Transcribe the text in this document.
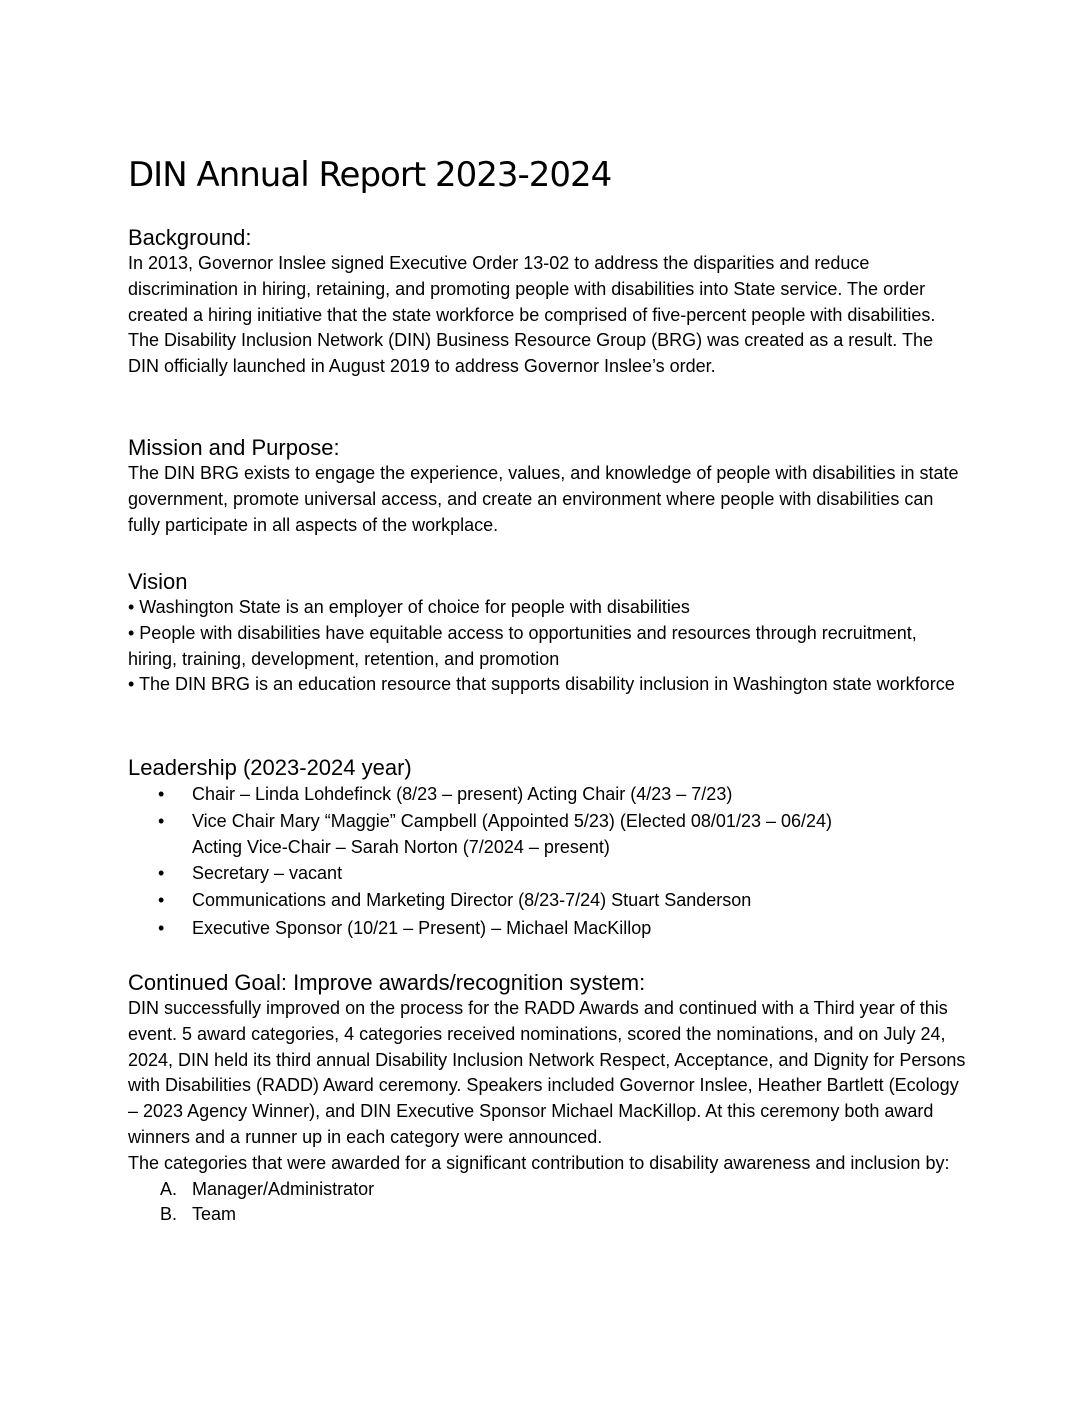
DIN Annual Report 2023-2024
Background:

In 2013, Governor Inslee signed Executive Order 13-02 to address the disparities and reduce discrimination in hiring, retaining, and promoting people with disabilities into State service. The order created a hiring initiative that the state workforce be comprised of five-percent people with disabilities. The Disability Inclusion Network (DIN) Business Resource Group (BRG) was created as a result. The DIN officially launched in August 2019 to address Governor Inslee’s order.

Mission and Purpose:

The DIN BRG exists to engage the experience, values, and knowledge of people with disabilities in state government, promote universal access, and create an environment where people with disabilities can fully participate in all aspects of the workplace.

Vision

• Washington State is an employer of choice for people with disabilities

• People with disabilities have equitable access to opportunities and resources through recruitment, hiring, training, development, retention, and promotion

• The DIN BRG is an education resource that supports disability inclusion in Washington state workforce

Leadership (2023-2024 year)
• Chair – Linda Lohdefinck (8/23 – present) Acting Chair (4/23 – 7/23)
• Vice Chair Mary “Maggie” Campbell (Appointed 5/23) (Elected 08/01/23 – 06/24)
Acting Vice-Chair – Sarah Norton (7/2024 – present)
• Secretary – vacant
• Communications and Marketing Director (8/23-7/24) Stuart Sanderson
• Executive Sponsor (10/21 – Present) – Michael MacKillop
Continued Goal: Improve awards/recognition system:

DIN successfully improved on the process for the RADD Awards and continued with a Third year of this event. 5 award categories, 4 categories received nominations, scored the nominations, and on July 24, 2024, DIN held its third annual Disability Inclusion Network Respect, Acceptance, and Dignity for Persons with Disabilities (RADD) Award ceremony. Speakers included Governor Inslee, Heather Bartlett (Ecology – 2023 Agency Winner), and DIN Executive Sponsor Michael MacKillop. At this ceremony both award winners and a runner up in each category were announced.

The categories that were awarded for a significant contribution to disability awareness and inclusion by:

A. Manager/Administrator
B. Team
